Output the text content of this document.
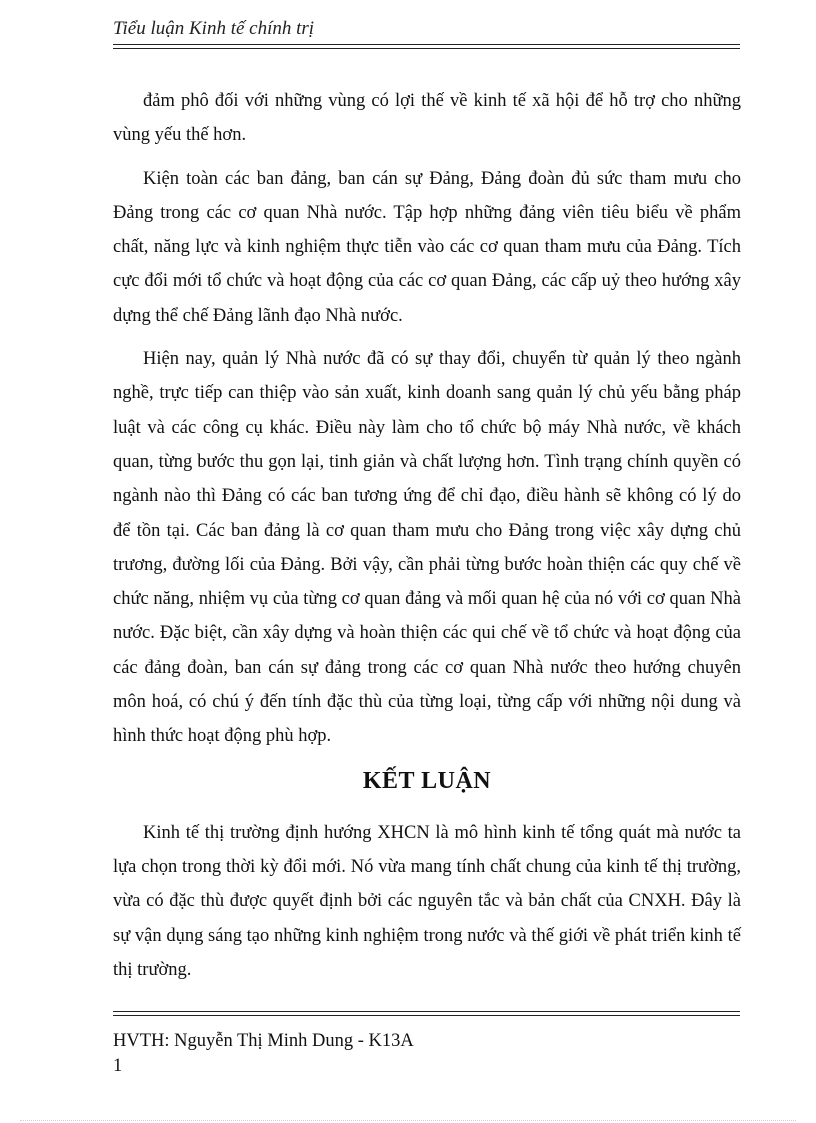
Tiểu luận Kinh tế chính trị

đảm phô đối với những vùng có lợi thế về kinh tế xã hội để hỗ trợ cho những vùng yếu thế hơn.

Kiện toàn các ban đảng, ban cán sự Đảng, Đảng đoàn đủ sức tham mưu cho Đảng trong các cơ quan Nhà nước. Tập hợp những đảng viên tiêu biểu về phẩm chất, năng lực và kinh nghiệm thực tiễn vào các cơ quan tham mưu của Đảng. Tích cực đổi mới tổ chức và hoạt động của các cơ quan Đảng, các cấp uỷ theo hướng xây dựng thể chế Đảng lãnh đạo Nhà nước.

Hiện nay, quản lý Nhà nước đã có sự thay đổi, chuyển từ quản lý theo ngành nghề, trực tiếp can thiệp vào sản xuất, kinh doanh sang quản lý chủ yếu bằng pháp luật và các công cụ khác. Điều này làm cho tổ chức bộ máy Nhà nước, về khách quan, từng bước thu gọn lại, tinh giản và chất lượng hơn. Tình trạng chính quyền có ngành nào thì Đảng có các ban tương ứng để chỉ đạo, điều hành sẽ không có lý do để tồn tại. Các ban đảng là cơ quan tham mưu cho Đảng trong việc xây dựng chủ trương, đường lối của Đảng. Bởi vậy, cần phải từng bước hoàn thiện các quy chế về chức năng, nhiệm vụ của từng cơ quan đảng và mối quan hệ của nó với cơ quan Nhà nước. Đặc biệt, cần xây dựng và hoàn thiện các qui chế về tổ chức và hoạt động của các đảng đoàn, ban cán sự đảng trong các cơ quan Nhà nước theo hướng chuyên môn hoá, có chú ý đến tính đặc thù của từng loại, từng cấp với những nội dung và hình thức hoạt động phù hợp.

KẾT LUẬN

Kinh tế thị trường định hướng XHCN là mô hình kinh tế tổng quát mà nước ta lựa chọn trong thời kỳ đổi mới. Nó vừa mang tính chất chung của kinh tế thị trường, vừa có đặc thù được quyết định bởi các nguyên tắc và bản chất của CNXH. Đây là sự vận dụng sáng tạo những kinh nghiệm trong nước và thế giới về phát triển kinh tế thị trường.

HVTH: Nguyễn Thị Minh Dung - K13A
1
